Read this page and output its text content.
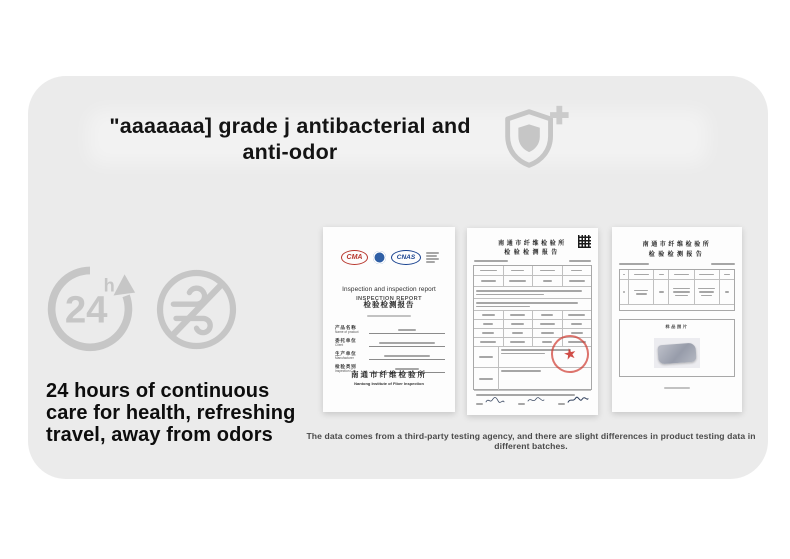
"aaaaaaa] grade j antibacterial and
anti-odor
24
h
24 hours of continuous
care for health, refreshing
travel, away from odors
CMA	CNAS
Inspection and inspection report
检验检测报告
INSPECTION REPORT
产品名称
Name of product
委托单位
Client
生产单位
Manufacturer
检验类别
Inspection Cat.
南通市纤维检验所
Nantong Institute of Fiber Inspection
南通市纤维检验所
检验检测报告
★
南通市纤维检验所
检验检测报告
样品照片
The data comes from a third-party testing agency, and there are slight differences in product testing data in different batches.
